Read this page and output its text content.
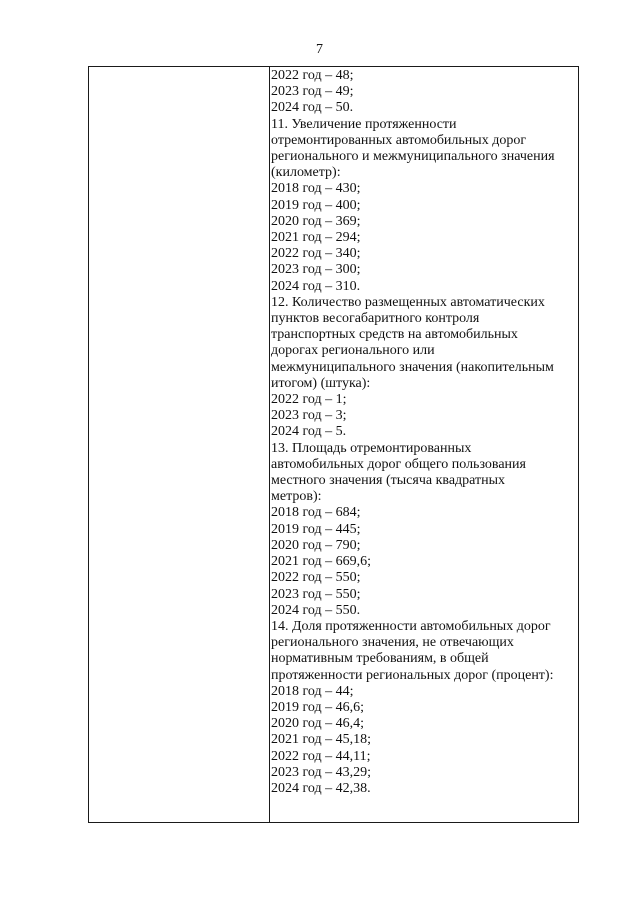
7
2022 год – 48;
2023 год – 49;
2024 год – 50.
11. Увеличение протяженности
отремонтированных автомобильных дорог
регионального и межмуниципального значения
(километр):
2018 год – 430;
2019 год – 400;
2020 год – 369;
2021 год – 294;
2022 год – 340;
2023 год – 300;
2024 год – 310.
12. Количество размещенных автоматических
пунктов весогабаритного контроля
транспортных средств на автомобильных
дорогах регионального или
межмуниципального значения (накопительным
итогом) (штука):
2022 год – 1;
2023 год – 3;
2024 год – 5.
13. Площадь отремонтированных
автомобильных дорог общего пользования
местного значения (тысяча квадратных
метров):
2018 год – 684;
2019 год – 445;
2020 год – 790;
2021 год – 669,6;
2022 год – 550;
2023 год – 550;
2024 год – 550.
14. Доля протяженности автомобильных дорог
регионального значения, не отвечающих
нормативным требованиям, в общей
протяженности региональных дорог (процент):
2018 год – 44;
2019 год – 46,6;
2020 год – 46,4;
2021 год – 45,18;
2022 год – 44,11;
2023 год – 43,29;
2024 год – 42,38.
